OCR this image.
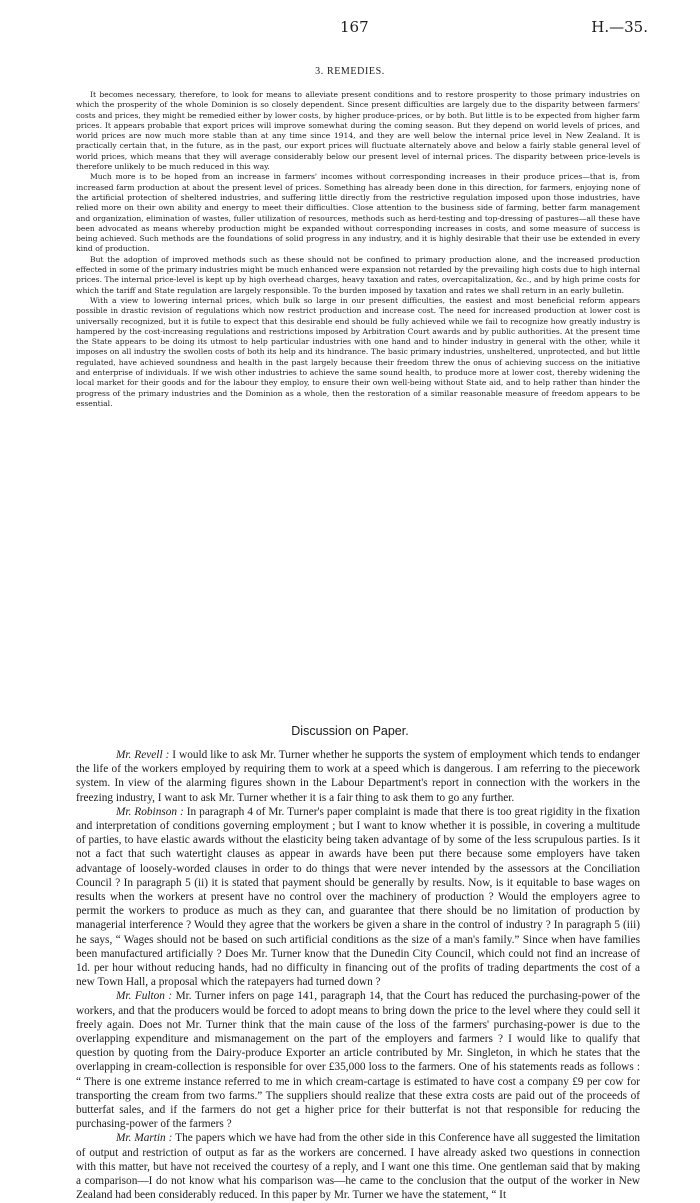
167	H.—35.
3. REMEDIES.

It becomes necessary, therefore, to look for means to alleviate present conditions and to restore prosperity to those primary industries on which the prosperity of the whole Dominion is so closely dependent. Since present difficulties are largely due to the disparity between farmers' costs and prices, they might be remedied either by lower costs, by higher produce-prices, or by both. But little is to be expected from higher farm prices. It appears probable that export prices will improve somewhat during the coming season. But they depend on world levels of prices, and world prices are now much more stable than at any time since 1914, and they are well below the internal price level in New Zealand. It is practically certain that, in the future, as in the past, our export prices will fluctuate alternately above and below a fairly stable general level of world prices, which means that they will average considerably below our present level of internal prices. The disparity between price-levels is therefore unlikely to be much reduced in this way.

Much more is to be hoped from an increase in farmers' incomes without corresponding increases in their produce prices—that is, from increased farm production at about the present level of prices. Something has already been done in this direction, for farmers, enjoying none of the artificial protection of sheltered industries, and suffering little directly from the restrictive regulation imposed upon those industries, have relied more on their own ability and energy to meet their difficulties. Close attention to the business side of farming, better farm management and organization, elimination of wastes, fuller utilization of resources, methods such as herd-testing and top-dressing of pastures—all these have been advocated as means whereby production might be expanded without corresponding increases in costs, and some measure of success is being achieved. Such methods are the foundations of solid progress in any industry, and it is highly desirable that their use be extended in every kind of production.

But the adoption of improved methods such as these should not be confined to primary production alone, and the increased production effected in some of the primary industries might be much enhanced were expansion not retarded by the prevailing high costs due to high internal prices. The internal price-level is kept up by high overhead charges, heavy taxation and rates, overcapitalization, &c., and by high prime costs for which the tariff and State regulation are largely responsible. To the burden imposed by taxation and rates we shall return in an early bulletin.

With a view to lowering internal prices, which bulk so large in our present difficulties, the easiest and most beneficial reform appears possible in drastic revision of regulations which now restrict production and increase cost. The need for increased production at lower cost is universally recognized, but it is futile to expect that this desirable end should be fully achieved while we fail to recognize how greatly industry is hampered by the cost-increasing regulations and restrictions imposed by Arbitration Court awards and by public authorities. At the present time the State appears to be doing its utmost to help particular industries with one hand and to hinder industry in general with the other, while it imposes on all industry the swollen costs of both its help and its hindrance. The basic primary industries, unsheltered, unprotected, and but little regulated, have achieved soundness and health in the past largely because their freedom threw the onus of achieving success on the initiative and enterprise of individuals. If we wish other industries to achieve the same sound health, to produce more at lower cost, thereby widening the local market for their goods and for the labour they employ, to ensure their own well-being without State aid, and to help rather than hinder the progress of the primary industries and the Dominion as a whole, then the restoration of a similar reasonable measure of freedom appears to be essential.

Discussion on Paper.

Mr. Revell : I would like to ask Mr. Turner whether he supports the system of employment which tends to endanger the life of the workers employed by requiring them to work at a speed which is dangerous. I am referring to the piecework system. In view of the alarming figures shown in the Labour Department's report in connection with the workers in the freezing industry, I want to ask Mr. Turner whether it is a fair thing to ask them to go any further.

Mr. Robinson : In paragraph 4 of Mr. Turner's paper complaint is made that there is too great rigidity in the fixation and interpretation of conditions governing employment ; but I want to know whether it is possible, in covering a multitude of parties, to have elastic awards without the elasticity being taken advantage of by some of the less scrupulous parties. Is it not a fact that such watertight clauses as appear in awards have been put there because some employers have taken advantage of loosely-worded clauses in order to do things that were never intended by the assessors at the Conciliation Council ? In paragraph 5 (ii) it is stated that payment should be generally by results. Now, is it equitable to base wages on results when the workers at present have no control over the machinery of production ? Would the employers agree to permit the workers to produce as much as they can, and guarantee that there should be no limitation of production by managerial interference ? Would they agree that the workers be given a share in the control of industry ? In paragraph 5 (iii) he says, “ Wages should not be based on such artificial conditions as the size of a man's family.” Since when have families been manufactured artificially ? Does Mr. Turner know that the Dunedin City Council, which could not find an increase of 1d. per hour without reducing hands, had no difficulty in financing out of the profits of trading departments the cost of a new Town Hall, a proposal which the ratepayers had turned down ?

Mr. Fulton : Mr. Turner infers on page 141, paragraph 14, that the Court has reduced the purchasing-power of the workers, and that the producers would be forced to adopt means to bring down the price to the level where they could sell it freely again. Does not Mr. Turner think that the main cause of the loss of the farmers' purchasing-power is due to the overlapping expenditure and mismanagement on the part of the employers and farmers ? I would like to qualify that question by quoting from the Dairy-produce Exporter an article contributed by Mr. Singleton, in which he states that the overlapping in cream-collection is responsible for over £35,000 loss to the farmers. One of his statements reads as follows : “ There is one extreme instance referred to me in which cream-cartage is estimated to have cost a company £9 per cow for transporting the cream from two farms.” The suppliers should realize that these extra costs are paid out of the proceeds of butterfat sales, and if the farmers do not get a higher price for their butterfat is not that responsible for reducing the purchasing-power of the farmers ?

Mr. Martin : The papers which we have had from the other side in this Conference have all suggested the limitation of output and restriction of output as far as the workers are concerned. I have already asked two questions in connection with this matter, but have not received the courtesy of a reply, and I want one this time. One gentleman said that by making a comparison—I do not know what his comparison was—he came to the conclusion that the output of the worker in New Zealand had been considerably reduced. In this paper by Mr. Turner we have the statement, “ It
